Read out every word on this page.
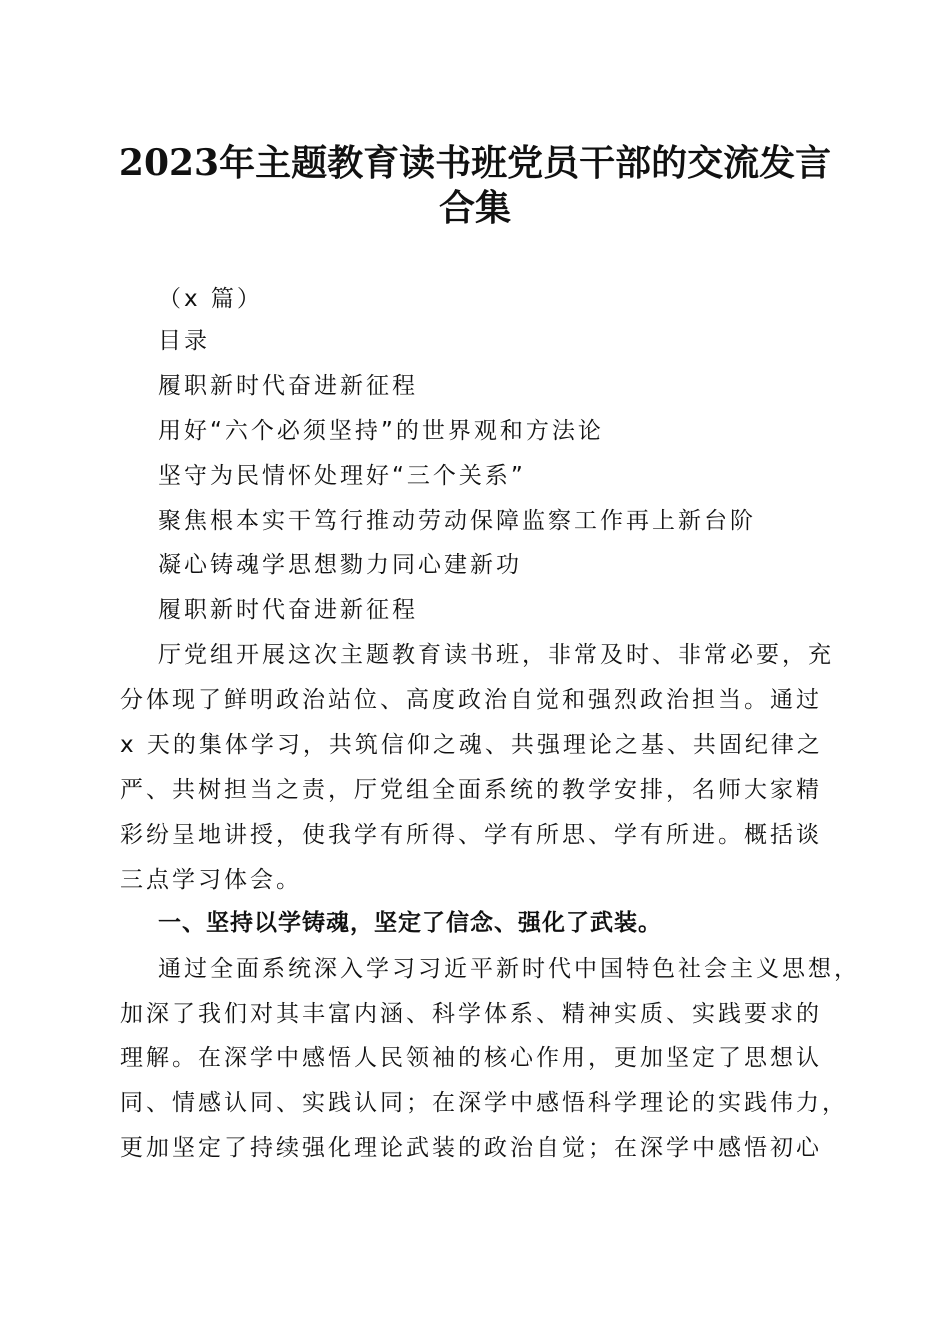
2023年主题教育读书班党员干部的交流发言
合集
（x 篇）
目录
履职新时代奋进新征程
用好“六个必须坚持”的世界观和方法论
坚守为民情怀处理好“三个关系”
聚焦根本实干笃行推动劳动保障监察工作再上新台阶
凝心铸魂学思想勠力同心建新功
履职新时代奋进新征程
厅党组开展这次主题教育读书班，非常及时、非常必要，充
分体现了鲜明政治站位、高度政治自觉和强烈政治担当。通过
x 天的集体学习，共筑信仰之魂、共强理论之基、共固纪律之
严、共树担当之责，厅党组全面系统的教学安排，名师大家精
彩纷呈地讲授，使我学有所得、学有所思、学有所进。概括谈
三点学习体会。
一、坚持以学铸魂，坚定了信念、强化了武装。
通过全面系统深入学习习近平新时代中国特色社会主义思想，
加深了我们对其丰富内涵、科学体系、精神实质、实践要求的
理解。在深学中感悟人民领袖的核心作用，更加坚定了思想认
同、情感认同、实践认同；在深学中感悟科学理论的实践伟力，
更加坚定了持续强化理论武装的政治自觉；在深学中感悟初心
